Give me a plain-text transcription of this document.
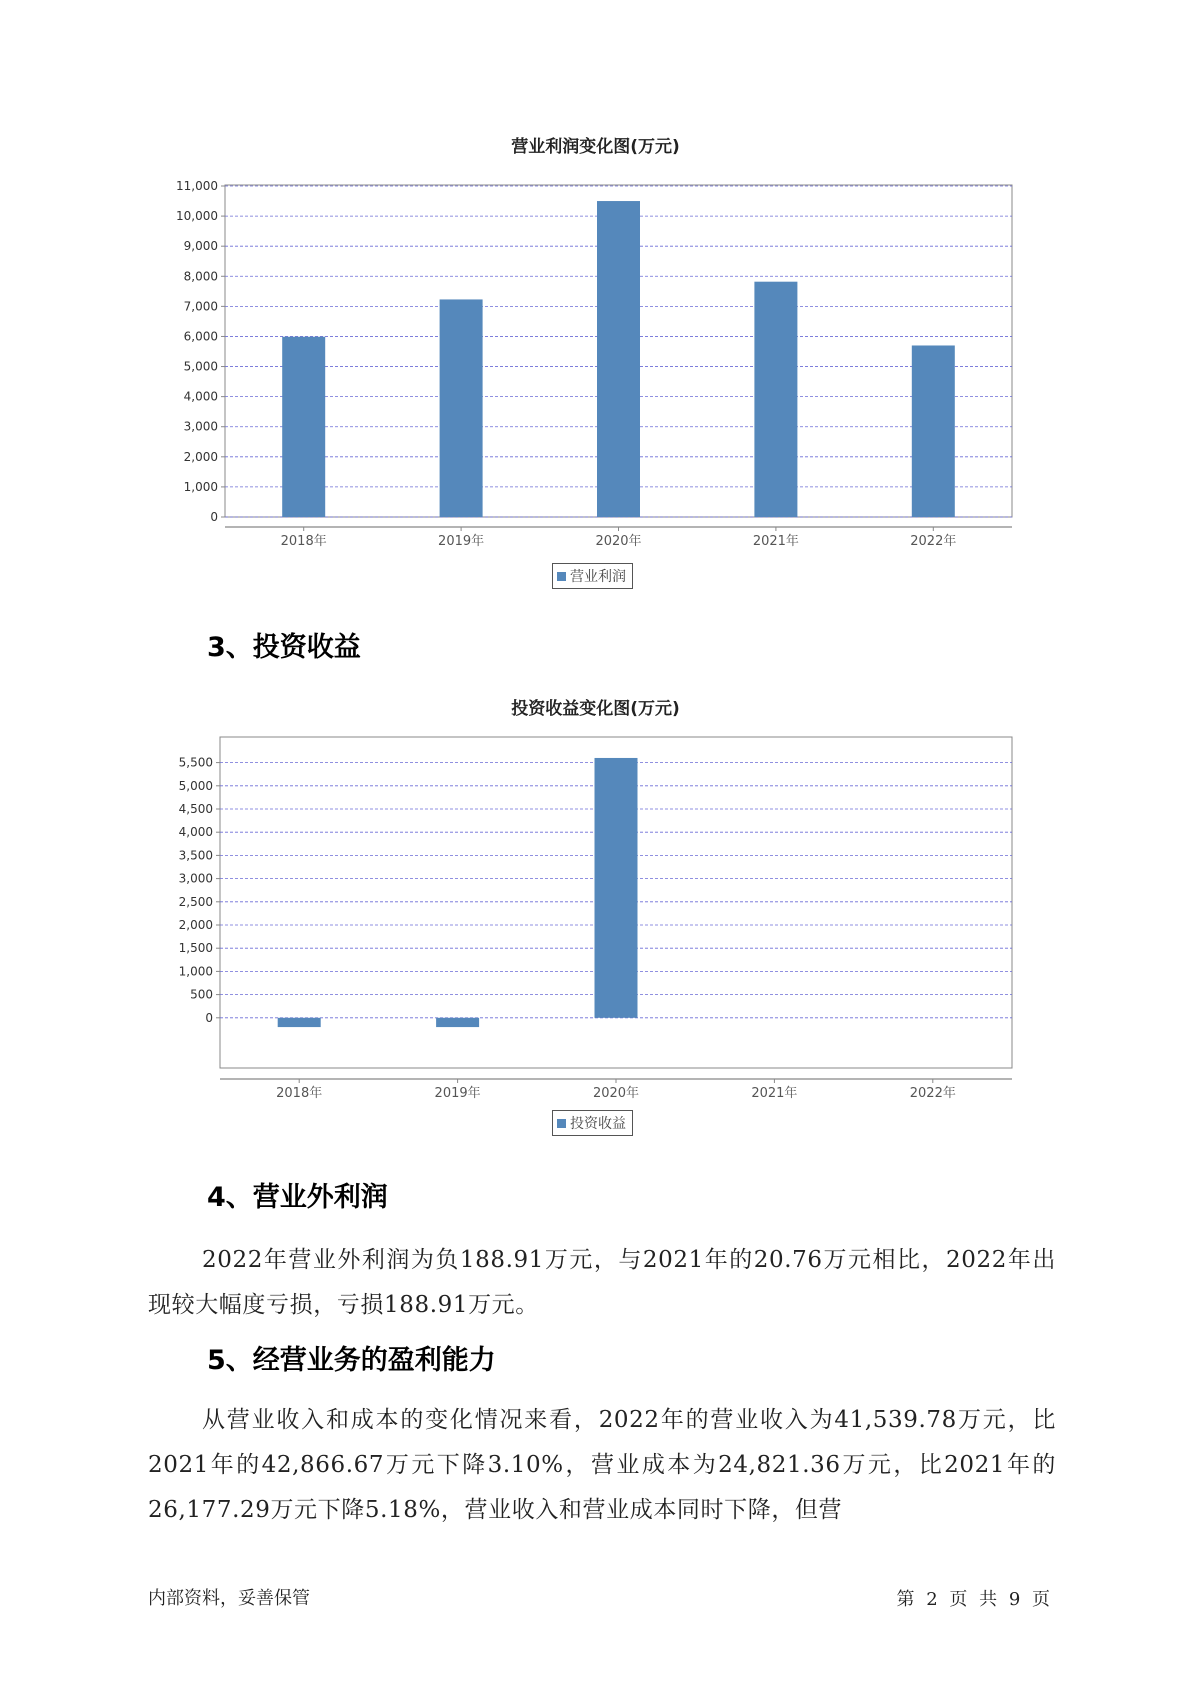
营业利润变化图(万元)
0
1,000
2,000
3,000
4,000
5,000
6,000
7,000
8,000
9,000
10,000
11,000
2018年	2019年	2020年	2021年	2022年
营业利润
3、投资收益
投资收益变化图(万元)
0
500
1,000
1,500
2,000
2,500
3,000
3,500
4,000
4,500
5,000
5,500
2018年	2019年	2020年	2021年	2022年
投资收益
4、营业外利润
2022年营业外利润为负188.91万元，与2021年的20.76万元相比，2022年出现较大幅度亏损，亏损188.91万元。
5、经营业务的盈利能力
从营业收入和成本的变化情况来看，2022年的营业收入为41,539.78万元，比2021年的42,866.67万元下降3.10%，营业成本为24,821.36万元，比2021年的26,177.29万元下降5.18%，营业收入和营业成本同时下降，但营
内部资料，妥善保管	第 2 页 共 9 页
